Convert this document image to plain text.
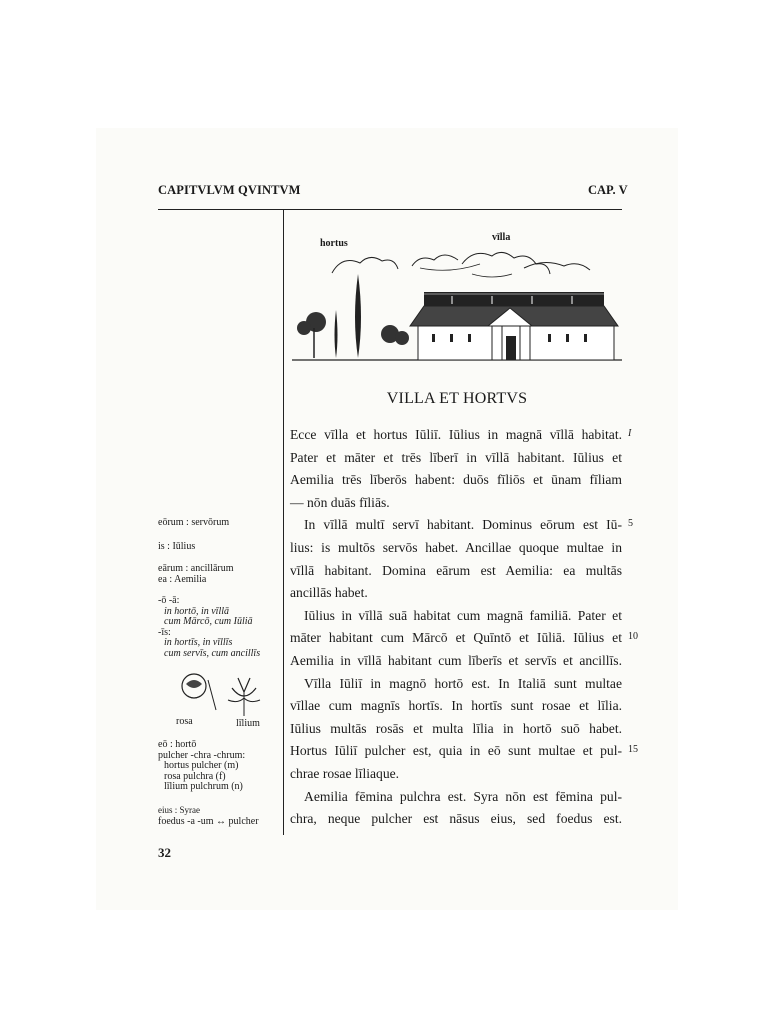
CAPITVLVM QVINTVM	CAP. V
hortus
vīlla
VILLA ET HORTVS
Ecce vīlla et hortus Iūliī. Iūlius in magnā vīllā habitat.
Pater et māter et trēs līberī in vīllā habitant. Iūlius et
Aemilia trēs līberōs habent: duōs fīliōs et ūnam fīliam
— nōn duās fīliās.
In vīllā multī servī habitant. Dominus eōrum est Iū-
lius: is multōs servōs habet. Ancillae quoque multae in
vīllā habitant. Domina eārum est Aemilia: ea multās
ancillās habet.
Iūlius in vīllā suā habitat cum magnā familiā. Pater et
māter habitant cum Mārcō et Quīntō et Iūliā. Iūlius et
Aemilia in vīllā habitant cum līberīs et servīs et ancillīs.
Vīlla Iūliī in magnō hortō est. In Italiā sunt multae
vīllae cum magnīs hortīs. In hortīs sunt rosae et līlia.
Iūlius multās rosās et multa līlia in hortō suō habet.
Hortus Iūliī pulcher est, quia in eō sunt multae et pul-
chrae rosae līliaque.
Aemilia fēmina pulchra est. Syra nōn est fēmina pul-
chra, neque pulcher est nāsus eius, sed foedus est.
I
5
10
15
eōrum : servōrum
is : Iūlius
eārum : ancillārum
ea : Aemilia
-ō -ā:
in hortō, in vīllā
cum Mārcō, cum Iūliā
-īs:
in hortīs, in vīllīs
cum servīs, cum ancillīs
rosa	līlium
eō : hortō
pulcher -chra -chrum:
hortus pulcher (m)
rosa pulchra (f)
līlium pulchrum (n)
eius : Syrae
foedus -a -um ↔ pulcher
32
